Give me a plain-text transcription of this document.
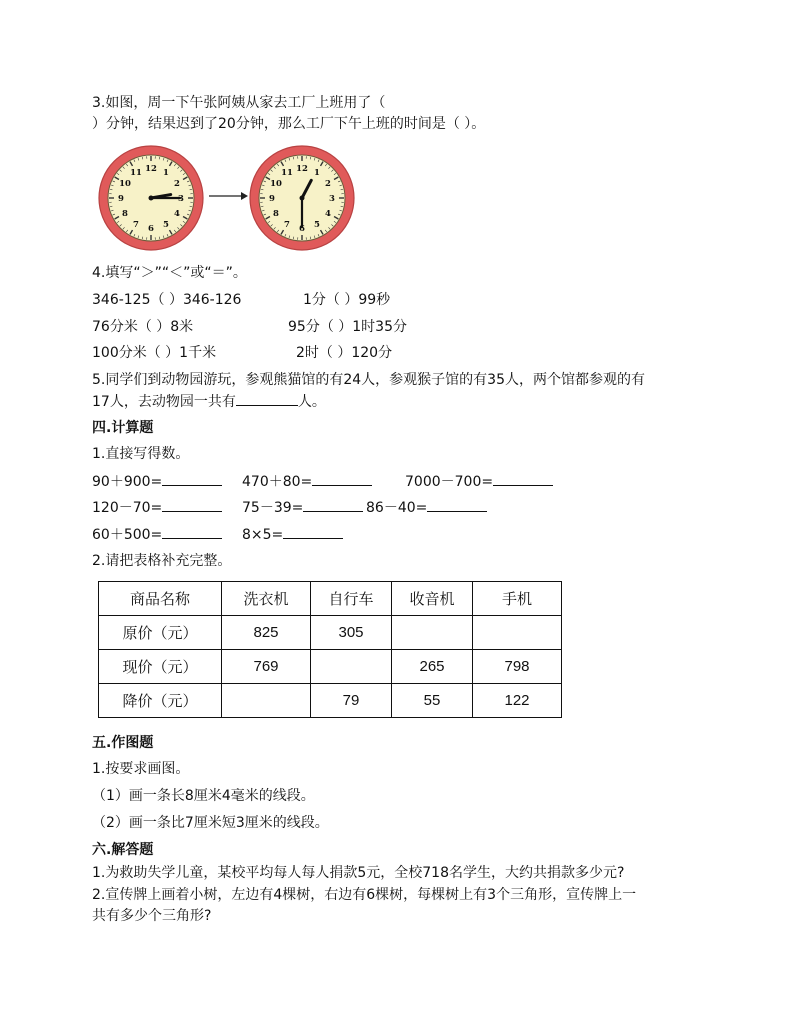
3.如图，周一下午张阿姨从家去工厂上班用了（
）分钟，结果迟到了20分钟，那么工厂下午上班的时间是（ ）。
12 1
2
3
4
5
6
7
8
9
10
11	12 1
2
3
4
5
6
7
8
9
10
11
4.填写“＞”“＜”或“＝”。
346-125（ ）346-126	1分（ ）99秒
76分米（ ）8米	95分（ ）1时35分
100分米（ ）1千米	2时（ ）120分
5.同学们到动物园游玩，参观熊猫馆的有24人，参观猴子馆的有35人，两个馆都参观的有
17人，去动物园一共有	人。
四.计算题
1.直接写得数。
90＋900=	470＋80=	7000－700=
120－70=	75－39=	86－40=
60＋500=	8×5=
2.请把表格补充完整。
商品名称	洗衣机	自行车	收音机	手机
原价（元）	825	305		
现价（元）	769		265	798
降价（元）		79	55	122
五.作图题
1.按要求画图。
（1）画一条长8厘米4毫米的线段。
（2）画一条比7厘米短3厘米的线段。
六.解答题
1.为救助失学儿童，某校平均每人每人捐款5元，全校718名学生，大约共捐款多少元?
2.宣传牌上画着小树，左边有4棵树，右边有6棵树，每棵树上有3个三角形，宣传牌上一
共有多少个三角形?
